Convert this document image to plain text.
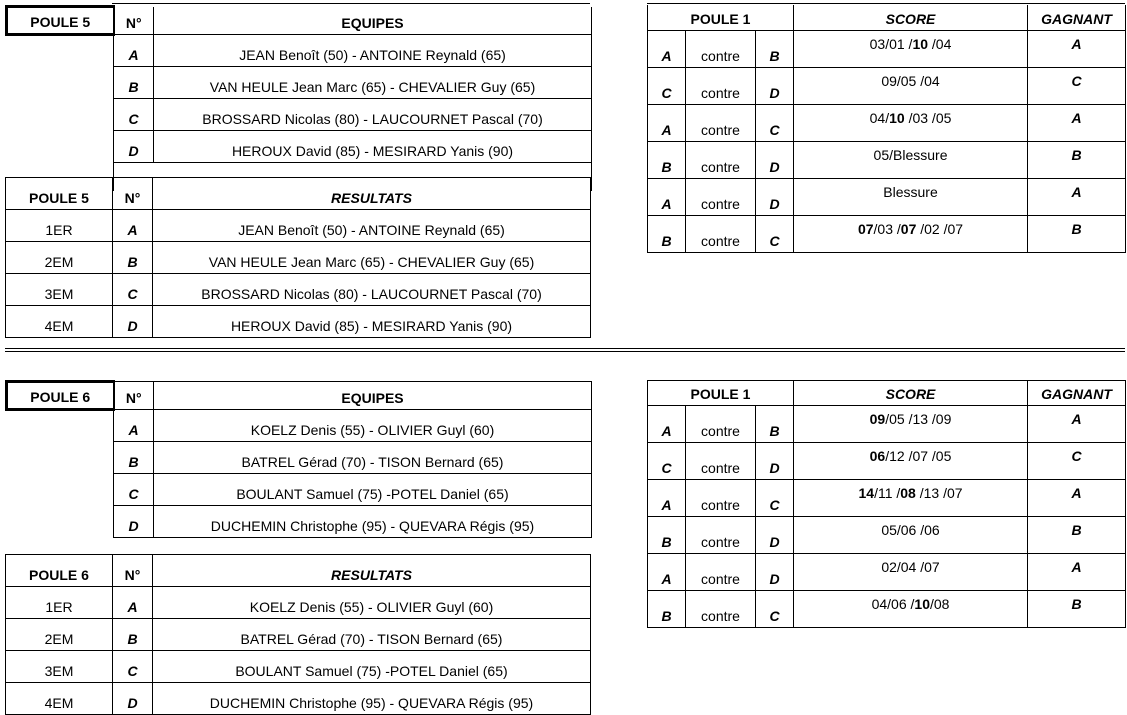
POULE 5	N°	EQUIPES
	A	JEAN Benoît (50) - ANTOINE Reynald (65)
	B	VAN HEULE Jean Marc (65) - CHEVALIER Guy (65)
	C	BROSSARD Nicolas (80) - LAUCOURNET Pascal (70)
	D	HEROUX David (85) - MESIRARD Yanis (90)

POULE 5	N°	RESULTATS
1ER	A	JEAN Benoît (50) - ANTOINE Reynald (65)
2EM	B	VAN HEULE Jean Marc (65) - CHEVALIER Guy (65)
3EM	C	BROSSARD Nicolas (80) - LAUCOURNET Pascal (70)
4EM	D	HEROUX David (85) - MESIRARD Yanis (90)
POULE 1			SCORE	GAGNANT
A	contre	B	03/01 /10 /04	A
C	contre	D	09/05 /04	C
A	contre	C	04/10 /03 /05	A
B	contre	D	05/Blessure	B
A	contre	D	Blessure	A
B	contre	C	07/03 /07 /02 /07	B
POULE 6	N°	EQUIPES
	A	KOELZ Denis (55) - OLIVIER Guyl (60)
	B	BATREL Gérad (70) - TISON Bernard (65)
	C	BOULANT Samuel (75) -POTEL Daniel (65)
	D	DUCHEMIN Christophe (95) - QUEVARA Régis (95)
POULE 6	N°	RESULTATS
1ER	A	KOELZ Denis (55) - OLIVIER Guyl (60)
2EM	B	BATREL Gérad (70) - TISON Bernard (65)
3EM	C	BOULANT Samuel (75) -POTEL Daniel (65)
4EM	D	DUCHEMIN Christophe (95) - QUEVARA Régis (95)
POULE 1			SCORE	GAGNANT
A	contre	B	09/05 /13 /09	A
C	contre	D	06/12 /07 /05	C
A	contre	C	14/11 /08 /13 /07	A
B	contre	D	05/06 /06	B
A	contre	D	02/04 /07	A
B	contre	C	04/06 /10/08	B
